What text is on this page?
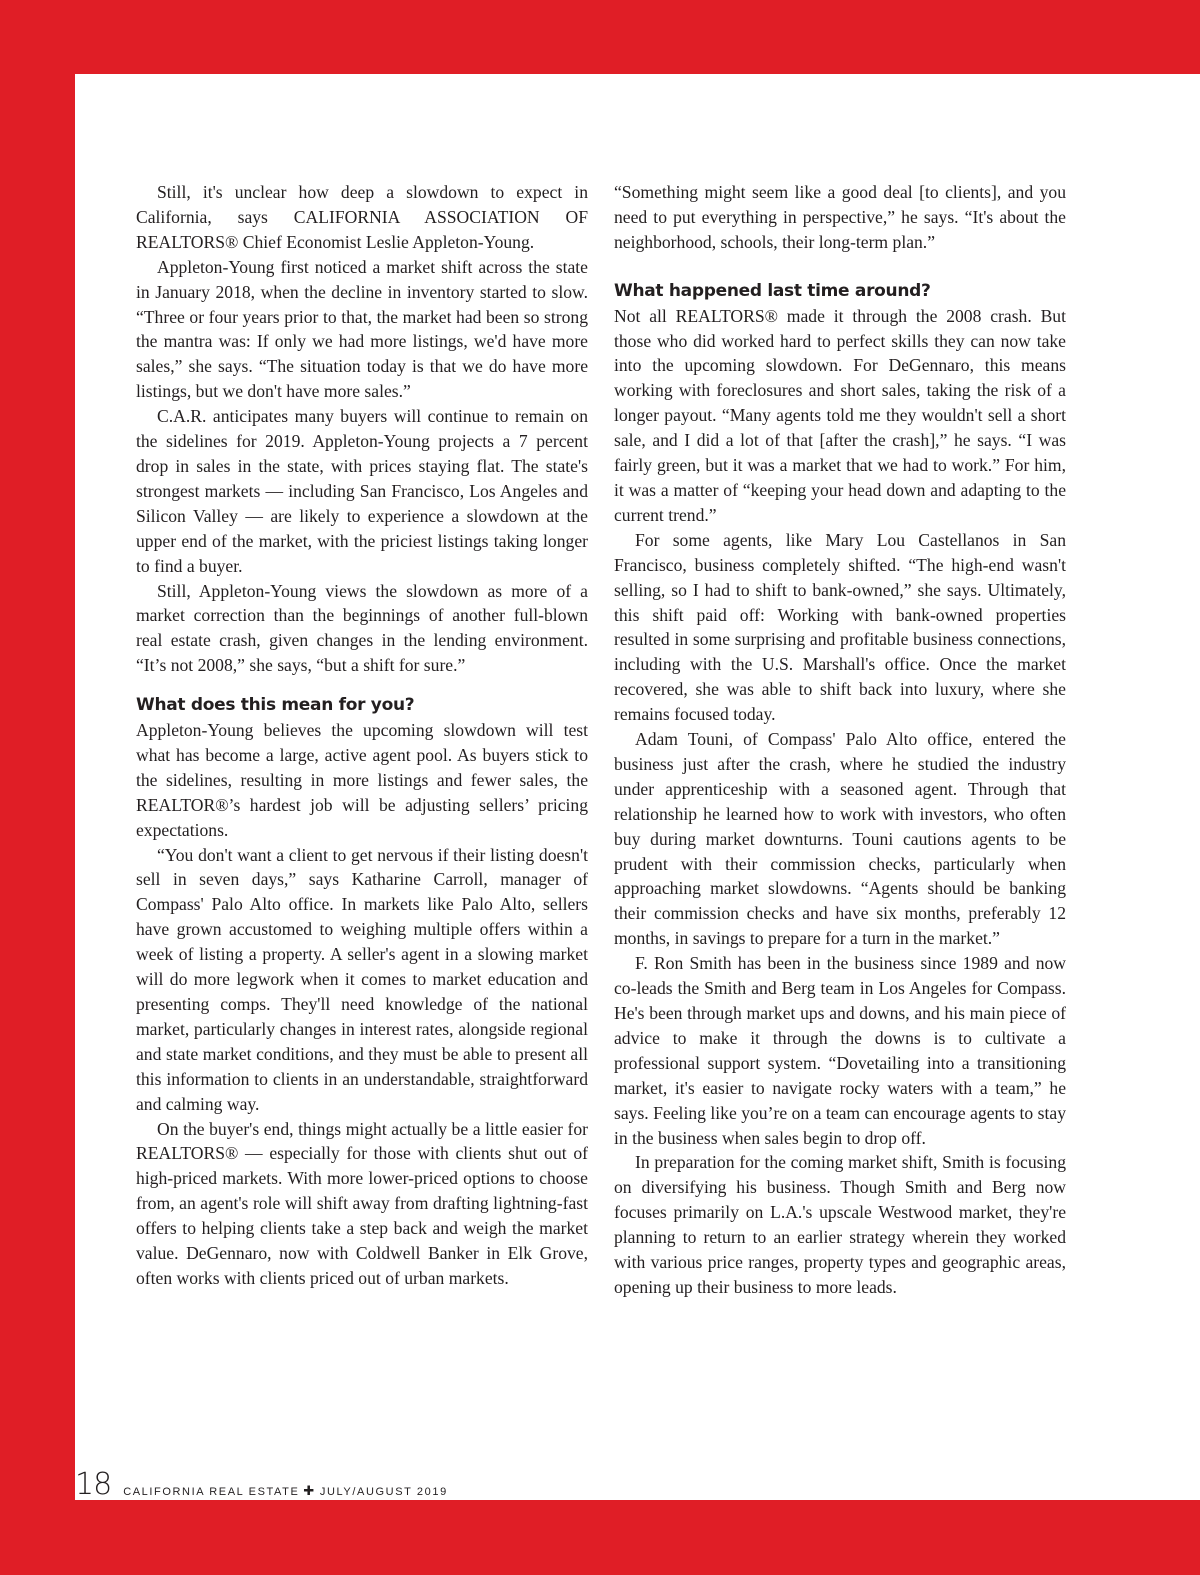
Still, it's unclear how deep a slowdown to expect in California, says CALIFORNIA ASSOCIATION OF REALTORS® Chief Economist Leslie Appleton-Young.

Appleton-Young first noticed a market shift across the state in January 2018, when the decline in inventory started to slow. “Three or four years prior to that, the market had been so strong the mantra was: If only we had more listings, we'd have more sales,” she says. “The situation today is that we do have more listings, but we don't have more sales.”

C.A.R. anticipates many buyers will continue to remain on the sidelines for 2019. Appleton-Young projects a 7 percent drop in sales in the state, with prices staying flat. The state's strongest markets — including San Francisco, Los Angeles and Silicon Valley — are likely to experience a slowdown at the upper end of the market, with the priciest listings taking longer to find a buyer.

Still, Appleton-Young views the slowdown as more of a market correction than the beginnings of another full-blown real estate crash, given changes in the lending environment. “It’s not 2008,” she says, “but a shift for sure.”

What does this mean for you?

Appleton-Young believes the upcoming slowdown will test what has become a large, active agent pool. As buyers stick to the sidelines, resulting in more listings and fewer sales, the REALTOR®’s hardest job will be adjusting sellers’ pricing expectations.

“You don't want a client to get nervous if their listing doesn't sell in seven days,” says Katharine Carroll, manager of Compass' Palo Alto office. In markets like Palo Alto, sellers have grown accustomed to weighing multiple offers within a week of listing a property. A seller's agent in a slowing market will do more legwork when it comes to market education and presenting comps. They'll need knowledge of the national market, particularly changes in interest rates, alongside regional and state market conditions, and they must be able to present all this information to clients in an understandable, straightforward and calming way.

On the buyer's end, things might actually be a little easier for REALTORS® — especially for those with clients shut out of high-priced markets. With more lower-priced options to choose from, an agent's role will shift away from drafting lightning-fast offers to helping clients take a step back and weigh the market value. DeGennaro, now with Coldwell Banker in Elk Grove, often works with clients priced out of urban markets.

“Something might seem like a good deal [to clients], and you need to put everything in perspective,” he says. “It's about the neighborhood, schools, their long-term plan.”

What happened last time around?

Not all REALTORS® made it through the 2008 crash. But those who did worked hard to perfect skills they can now take into the upcoming slowdown. For DeGennaro, this means working with foreclosures and short sales, taking the risk of a longer payout. “Many agents told me they wouldn't sell a short sale, and I did a lot of that [after the crash],” he says. “I was fairly green, but it was a market that we had to work.” For him, it was a matter of “keeping your head down and adapting to the current trend.”

For some agents, like Mary Lou Castellanos in San Francisco, business completely shifted. “The high-end wasn't selling, so I had to shift to bank-owned,” she says. Ultimately, this shift paid off: Working with bank-owned properties resulted in some surprising and profitable business connections, including with the U.S. Marshall's office. Once the market recovered, she was able to shift back into luxury, where she remains focused today.

Adam Touni, of Compass' Palo Alto office, entered the business just after the crash, where he studied the industry under apprenticeship with a seasoned agent. Through that relationship he learned how to work with investors, who often buy during market downturns. Touni cautions agents to be prudent with their commission checks, particularly when approaching market slowdowns. “Agents should be banking their commission checks and have six months, preferably 12 months, in savings to prepare for a turn in the market.”

F. Ron Smith has been in the business since 1989 and now co-leads the Smith and Berg team in Los Angeles for Compass. He's been through market ups and downs, and his main piece of advice to make it through the downs is to cultivate a professional support system. “Dovetailing into a transitioning market, it's easier to navigate rocky waters with a team,” he says. Feeling like you’re on a team can encourage agents to stay in the business when sales begin to drop off.

In preparation for the coming market shift, Smith is focusing on diversifying his business. Though Smith and Berg now focuses primarily on L.A.'s upscale Westwood market, they're planning to return to an earlier strategy wherein they worked with various price ranges, property types and geographic areas, opening up their business to more leads.

18 CALIFORNIA REAL ESTATE ✚ JULY/AUGUST 2019
